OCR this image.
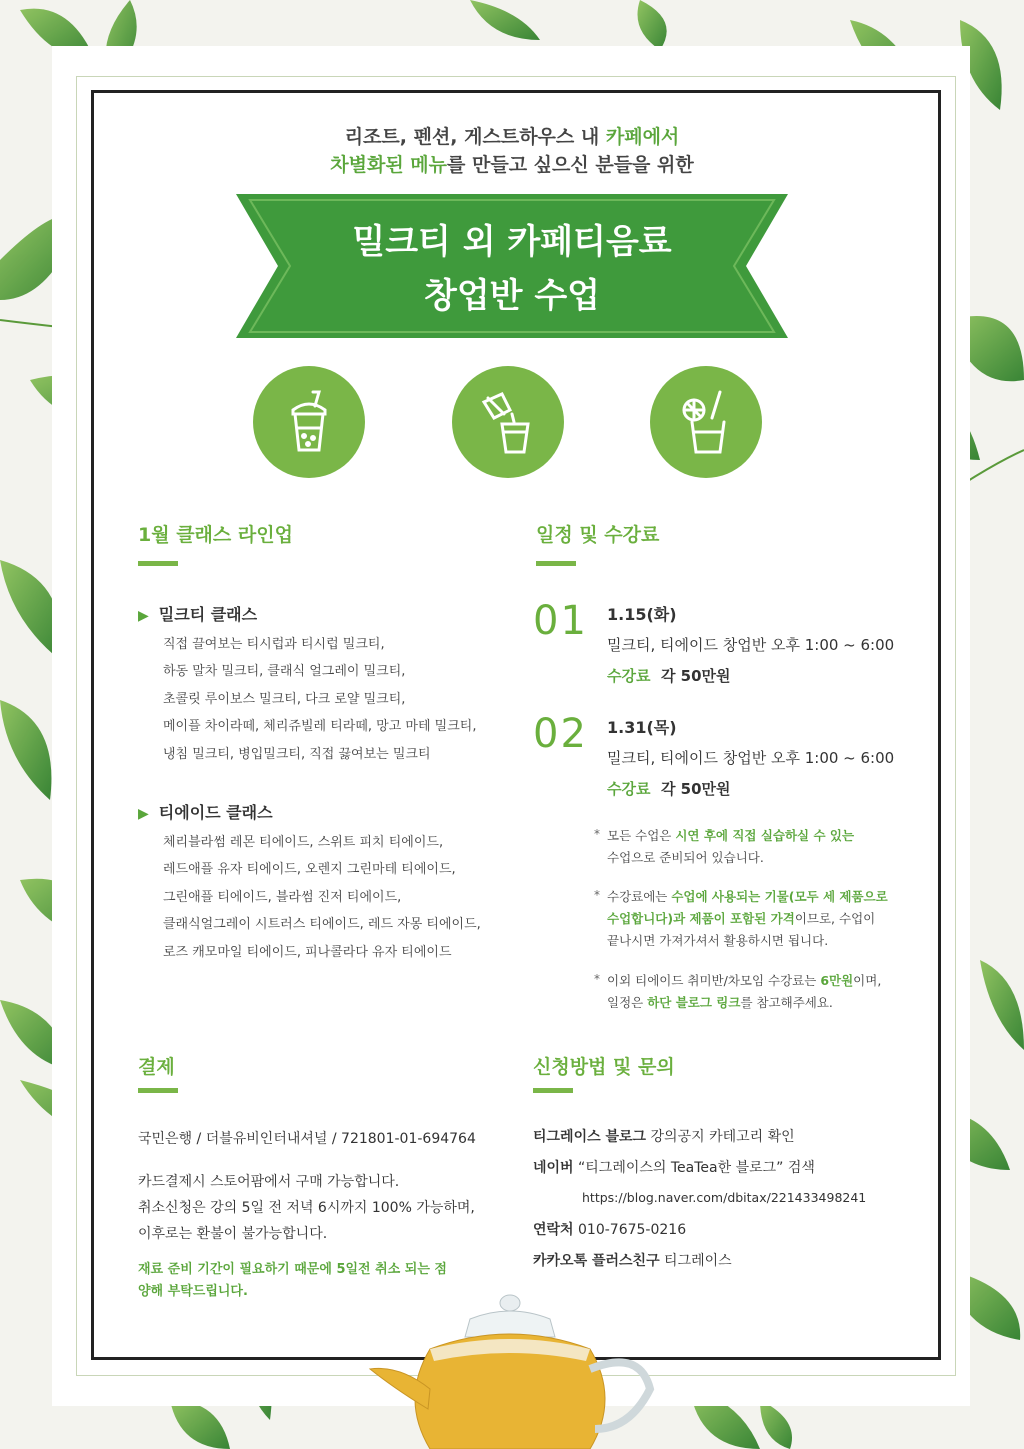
리조트, 펜션, 게스트하우스 내 카페에서
차별화된 메뉴를 만들고 싶으신 분들을 위한
밀크티 외 카페티음료
창업반 수업
1월 클래스 라인업
▶ 밀크티 클래스
직접 끌여보는 티시럽과 티시럽 밀크티,
하동 말차 밀크티, 클래식 얼그레이 밀크티,
초콜릿 루이보스 밀크티, 다크 로얄 밀크티,
메이플 차이라떼, 체리쥬빌레 티라떼, 망고 마테 밀크티,
냉침 밀크티, 병입밀크티, 직접 끓여보는 밀크티
▶ 티에이드 클래스
체리블라썸 레몬 티에이드, 스위트 피치 티에이드,
레드애플 유자 티에이드, 오렌지 그린마테 티에이드,
그린애플 티에이드, 블라썸 진저 티에이드,
클래식얼그레이 시트러스 티에이드, 레드 자몽 티에이드,
로즈 캐모마일 티에이드, 피나콜라다 유자 티에이드
일정 및 수강료
01 1.15(화)
밀크티, 티에이드 창업반 오후 1:00 ~ 6:00
수강료 각 50만원
02 1.31(목)
밀크티, 티에이드 창업반 오후 1:00 ~ 6:00
수강료 각 50만원
* 모든 수업은 시연 후에 직접 실습하실 수 있는
수업으로 준비되어 있습니다.
* 수강료에는 수업에 사용되는 기물(모두 세 제품으로
수업합니다)과 제품이 포함된 가격이므로, 수업이
끝나시면 가져가셔서 활용하시면 됩니다.
* 이외 티에이드 취미반/차모임 수강료는 6만원이며,
일정은 하단 블로그 링크를 참고해주세요.
결제
국민은행 / 더블유비인터내셔널 / 721801-01-694764
카드결제시 스토어팜에서 구매 가능합니다.
취소신청은 강의 5일 전 저녁 6시까지 100% 가능하며,
이후로는 환불이 불가능합니다.
재료 준비 기간이 필요하기 때문에 5일전 취소 되는 점
양해 부탁드립니다.
신청방법 및 문의
티그레이스 블로그 강의공지 카테고리 확인
네이버 “티그레이스의 TeaTea한 블로그” 검색
https://blog.naver.com/dbitax/221433498241
연락처 010-7675-0216
카카오톡 플러스친구 티그레이스
